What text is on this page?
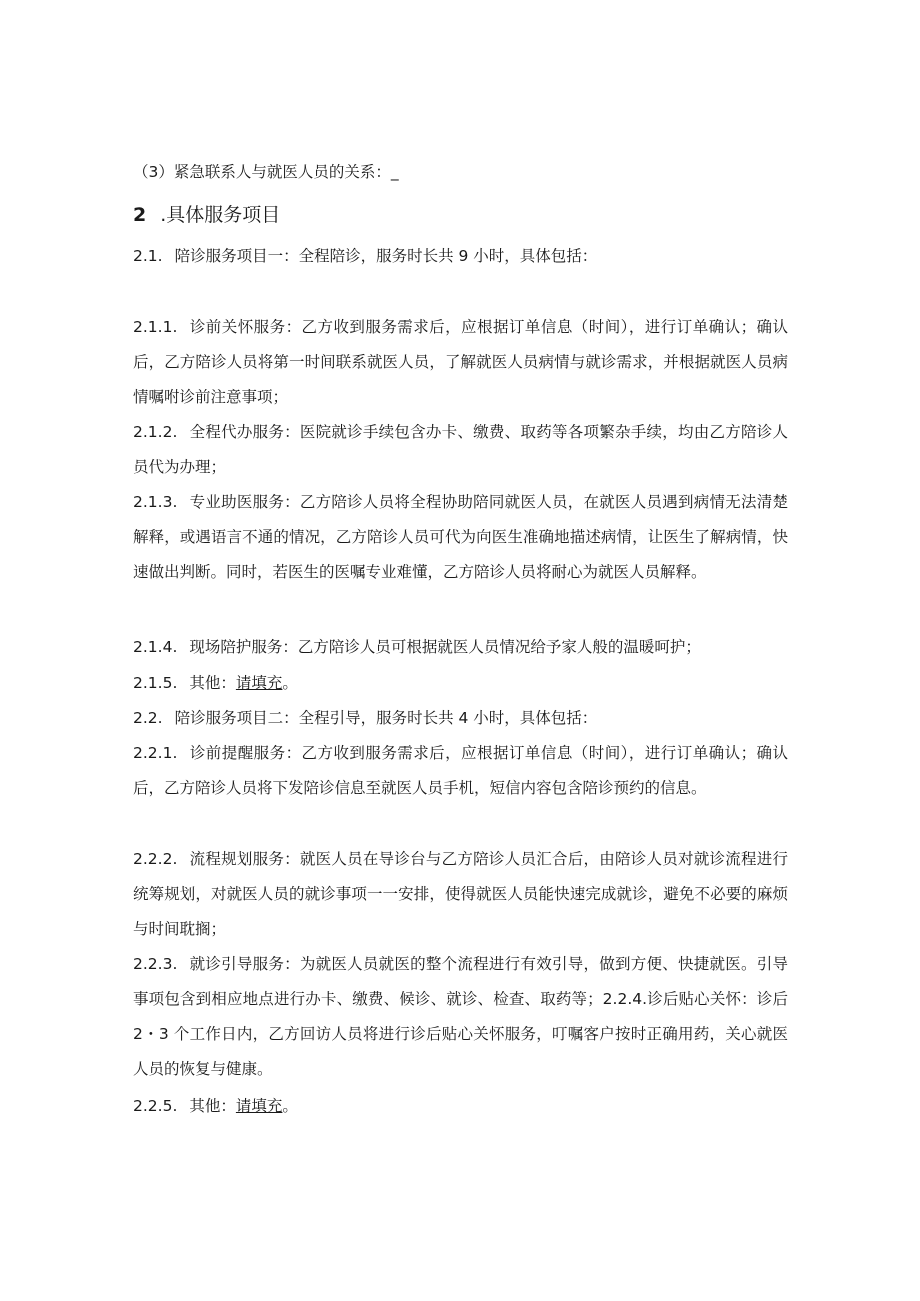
（3）紧急联系人与就医人员的关系：_

2 .具体服务项目

2.1. 陪诊服务项目一：全程陪诊，服务时长共 9 小时，具体包括：

2.1.1. 诊前关怀服务：乙方收到服务需求后，应根据订单信息（时间），进行订单确认；确认后，乙方陪诊人员将第一时间联系就医人员，了解就医人员病情与就诊需求，并根据就医人员病情嘱咐诊前注意事项；

2.1.2. 全程代办服务：医院就诊手续包含办卡、缴费、取药等各项繁杂手续，均由乙方陪诊人员代为办理；

2.1.3. 专业助医服务：乙方陪诊人员将全程协助陪同就医人员，在就医人员遇到病情无法清楚解释，或遇语言不通的情况，乙方陪诊人员可代为向医生准确地描述病情，让医生了解病情，快速做出判断。同时，若医生的医嘱专业难懂，乙方陪诊人员将耐心为就医人员解释。

2.1.4. 现场陪护服务：乙方陪诊人员可根据就医人员情况给予家人般的温暖呵护；

2.1.5. 其他：请填充。

2.2. 陪诊服务项目二：全程引导，服务时长共 4 小时，具体包括：

2.2.1. 诊前提醒服务：乙方收到服务需求后，应根据订单信息（时间），进行订单确认；确认后，乙方陪诊人员将下发陪诊信息至就医人员手机，短信内容包含陪诊预约的信息。

2.2.2. 流程规划服务：就医人员在导诊台与乙方陪诊人员汇合后，由陪诊人员对就诊流程进行统筹规划，对就医人员的就诊事项一一安排，使得就医人员能快速完成就诊，避免不必要的麻烦与时间耽搁；

2.2.3. 就诊引导服务：为就医人员就医的整个流程进行有效引导，做到方便、快捷就医。引导事项包含到相应地点进行办卡、缴费、候诊、就诊、检查、取药等；2.2.4.诊后贴心关怀：诊后 2・3 个工作日内，乙方回访人员将进行诊后贴心关怀服务，叮嘱客户按时正确用药，关心就医人员的恢复与健康。

2.2.5. 其他：请填充。
